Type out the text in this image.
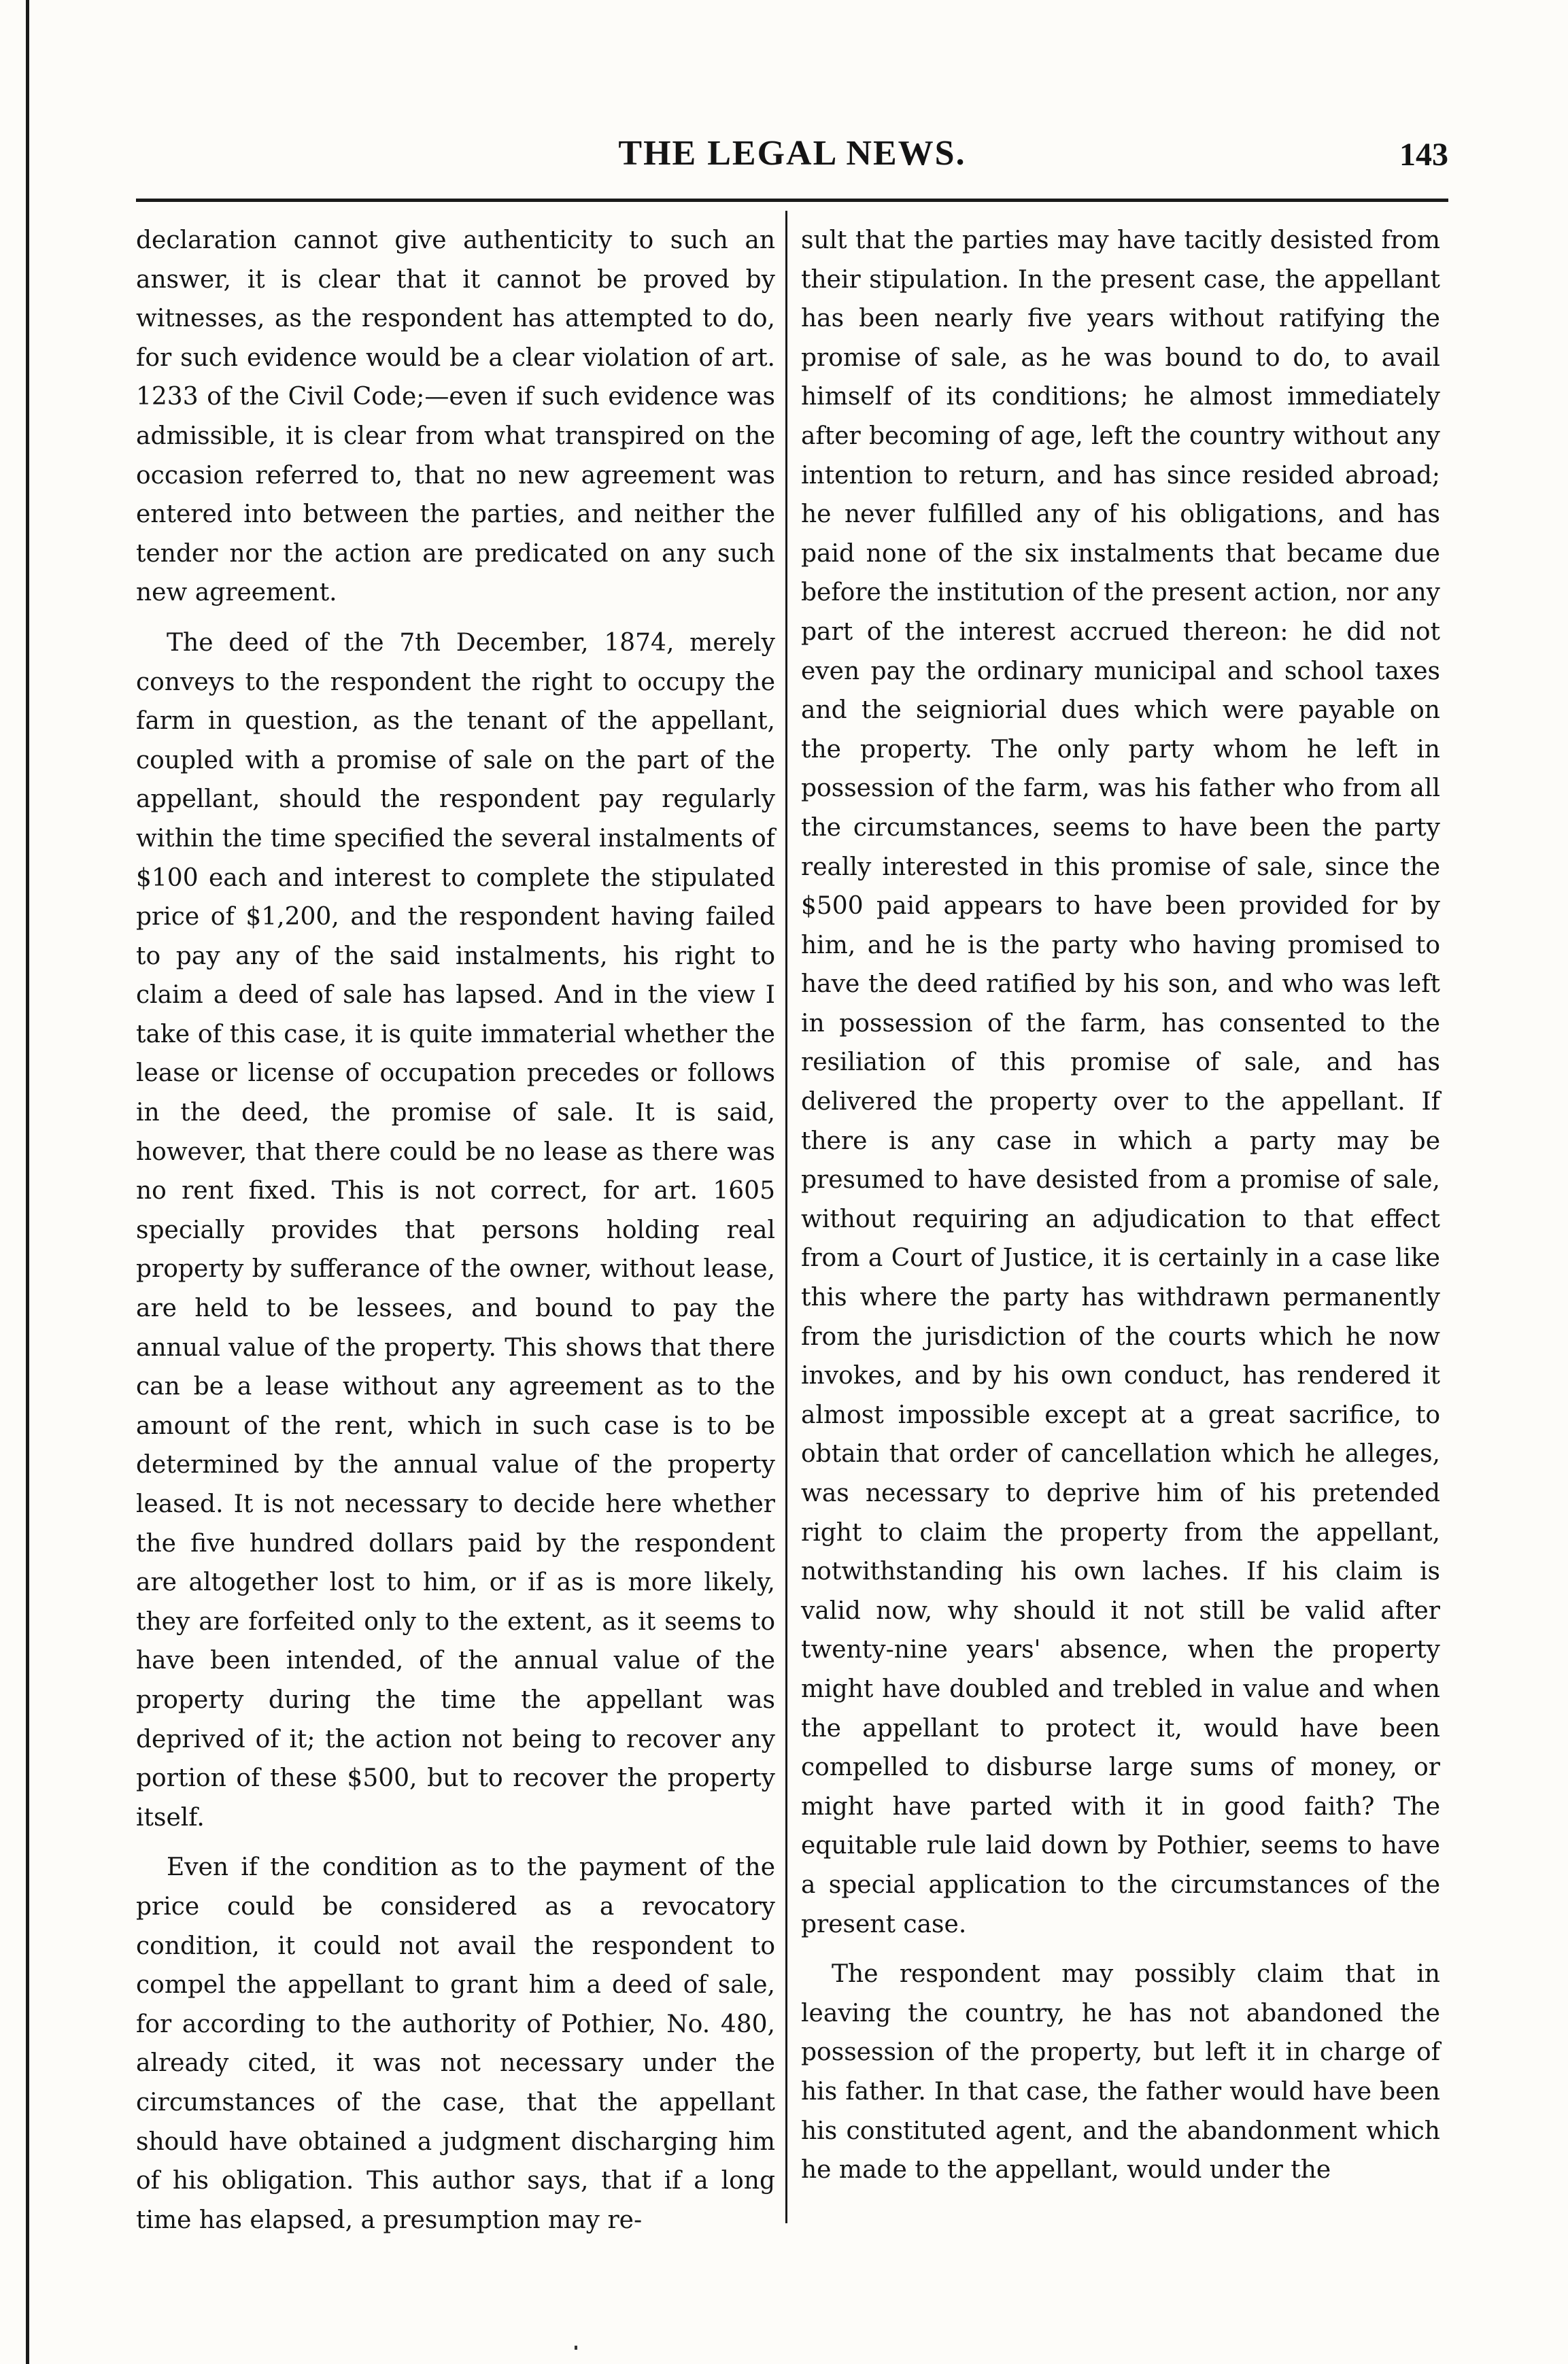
THE LEGAL NEWS.	143

declaration cannot give authenticity to such an answer, it is clear that it cannot be proved by witnesses, as the respondent has attempted to do, for such evidence would be a clear violation of art. 1233 of the Civil Code;—even if such evidence was admissible, it is clear from what transpired on the occasion referred to, that no new agreement was entered into between the parties, and neither the tender nor the action are predicated on any such new agreement.

The deed of the 7th December, 1874, merely conveys to the respondent the right to occupy the farm in question, as the tenant of the appellant, coupled with a promise of sale on the part of the appellant, should the respondent pay regularly within the time specified the several instalments of $100 each and interest to complete the stipulated price of $1,200, and the respondent having failed to pay any of the said instalments, his right to claim a deed of sale has lapsed. And in the view I take of this case, it is quite immaterial whether the lease or license of occupation precedes or follows in the deed, the promise of sale. It is said, however, that there could be no lease as there was no rent fixed. This is not correct, for art. 1605 specially provides that persons holding real property by sufferance of the owner, without lease, are held to be lessees, and bound to pay the annual value of the property. This shows that there can be a lease without any agreement as to the amount of the rent, which in such case is to be determined by the annual value of the property leased. It is not necessary to decide here whether the five hundred dollars paid by the respondent are altogether lost to him, or if as is more likely, they are forfeited only to the extent, as it seems to have been intended, of the annual value of the property during the time the appellant was deprived of it; the action not being to recover any portion of these $500, but to recover the property itself.

Even if the condition as to the payment of the price could be considered as a revocatory condition, it could not avail the respondent to compel the appellant to grant him a deed of sale, for according to the authority of Pothier, No. 480, already cited, it was not necessary under the circumstances of the case, that the appellant should have obtained a judgment discharging him of his obligation. This author says, that if a long time has elapsed, a presumption may re-

sult that the parties may have tacitly desisted from their stipulation. In the present case, the appellant has been nearly five years without ratifying the promise of sale, as he was bound to do, to avail himself of its conditions; he almost immediately after becoming of age, left the country without any intention to return, and has since resided abroad; he never fulfilled any of his obligations, and has paid none of the six instalments that became due before the institution of the present action, nor any part of the interest accrued thereon: he did not even pay the ordinary municipal and school taxes and the seigniorial dues which were payable on the property. The only party whom he left in possession of the farm, was his father who from all the circumstances, seems to have been the party really interested in this promise of sale, since the $500 paid appears to have been provided for by him, and he is the party who having promised to have the deed ratified by his son, and who was left in possession of the farm, has consented to the resiliation of this promise of sale, and has delivered the property over to the appellant. If there is any case in which a party may be presumed to have desisted from a promise of sale, without requiring an adjudication to that effect from a Court of Justice, it is certainly in a case like this where the party has withdrawn permanently from the jurisdiction of the courts which he now invokes, and by his own conduct, has rendered it almost impossible except at a great sacrifice, to obtain that order of cancellation which he alleges, was necessary to deprive him of his pretended right to claim the property from the appellant, notwithstanding his own laches. If his claim is valid now, why should it not still be valid after twenty-nine years' absence, when the property might have doubled and trebled in value and when the appellant to protect it, would have been compelled to disburse large sums of money, or might have parted with it in good faith? The equitable rule laid down by Pothier, seems to have a special application to the circumstances of the present case.

The respondent may possibly claim that in leaving the country, he has not abandoned the possession of the property, but left it in charge of his father. In that case, the father would have been his constituted agent, and the abandonment which he made to the appellant, would under the
